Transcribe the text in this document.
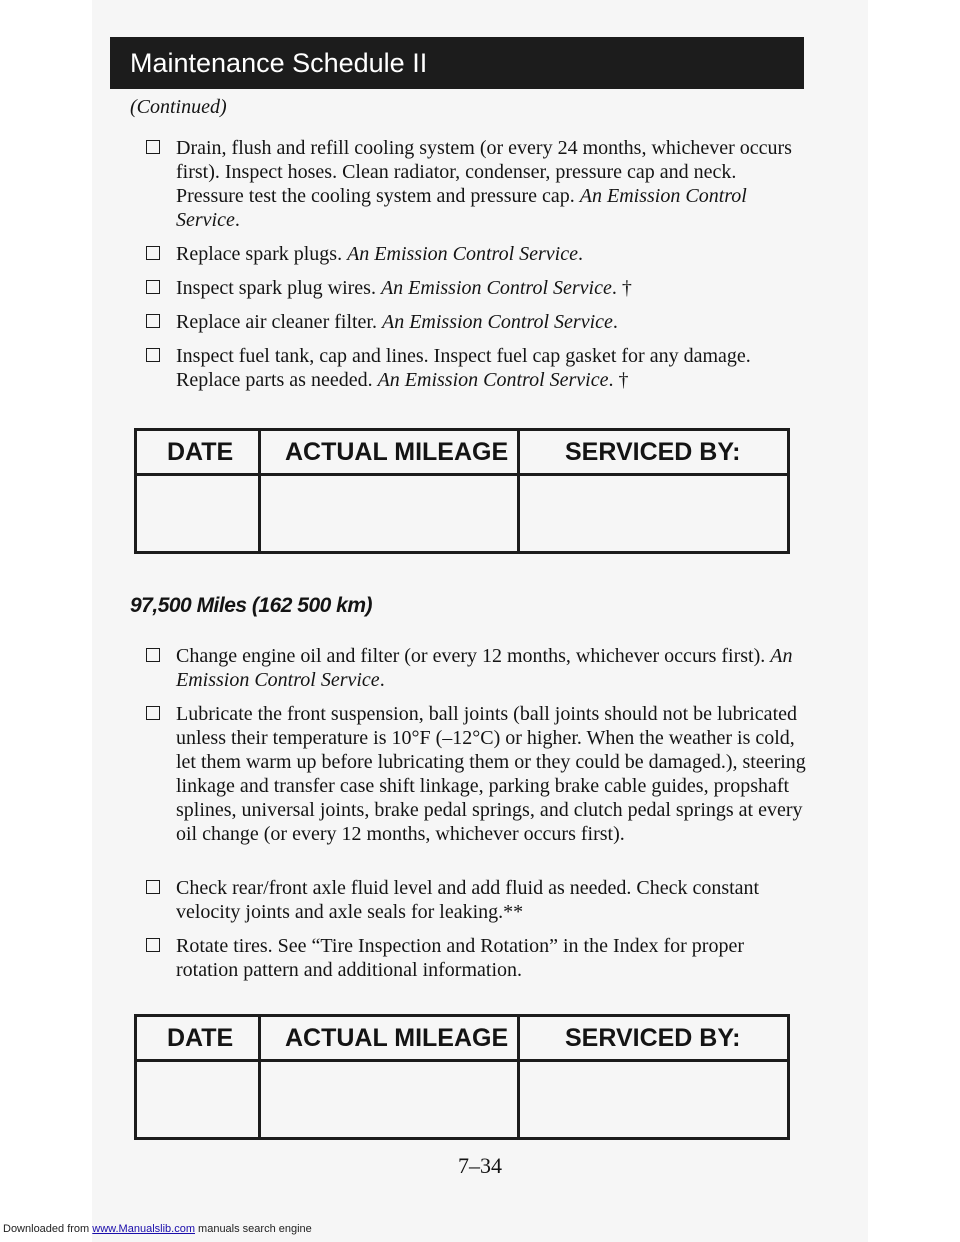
Maintenance Schedule II
(Continued)
Drain, flush and refill cooling system (or every 24 months, whichever occurs first). Inspect hoses. Clean radiator, condenser, pressure cap and neck. Pressure test the cooling system and pressure cap. An Emission Control Service.
Replace spark plugs. An Emission Control Service.
Inspect spark plug wires. An Emission Control Service. †
Replace air cleaner filter. An Emission Control Service.
Inspect fuel tank, cap and lines. Inspect fuel cap gasket for any damage. Replace parts as needed. An Emission Control Service. †
DATE ACTUAL MILEAGE SERVICED BY:
97,500 Miles (162 500 km)
Change engine oil and filter (or every 12 months, whichever occurs first). An Emission Control Service.
Lubricate the front suspension, ball joints (ball joints should not be lubricated unless their temperature is 10°F (–12°C) or higher. When the weather is cold, let them warm up before lubricating them or they could be damaged.), steering linkage and transfer case shift linkage, parking brake cable guides, propshaft splines, universal joints, brake pedal springs, and clutch pedal springs at every oil change (or every 12 months, whichever occurs first).
Check rear/front axle fluid level and add fluid as needed. Check constant velocity joints and axle seals for leaking.**
Rotate tires. See “Tire Inspection and Rotation” in the Index for proper rotation pattern and additional information.
DATE ACTUAL MILEAGE SERVICED BY:
7–34
Downloaded from www.Manualslib.com manuals search engine
